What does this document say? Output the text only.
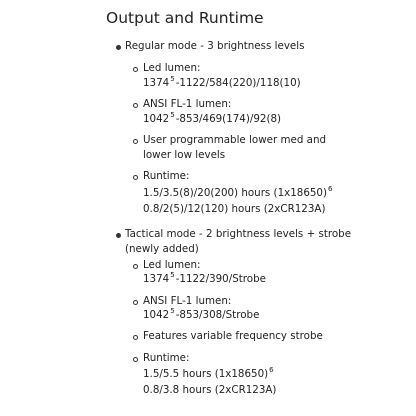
Output and Runtime
Regular mode - 3 brightness levels
Led lumen:
1374$^5$-1122/584(220)/118(10)
ANSI FL-1 lumen:
1042$^5$-853/469(174)/92(8)
User programmable lower med and
lower low levels
Runtime:
1.5/3.5(8)/20(200) hours $(1x18650)^6$
0.8/2(5)/12(120) hours (2xCR123A)
Tactical mode - 2 brightness levels + strobe
(newly added)
Led lumen:
1374$^5$-1122/390/Strobe
ANSI FL-1 lumen:
1042$^5$-853/308/Strobe
Features variable frequency strobe
Runtime:
1.5/5.5 hours $(1x18650)^6$
0.8/3.8 hours (2xCR123A)
